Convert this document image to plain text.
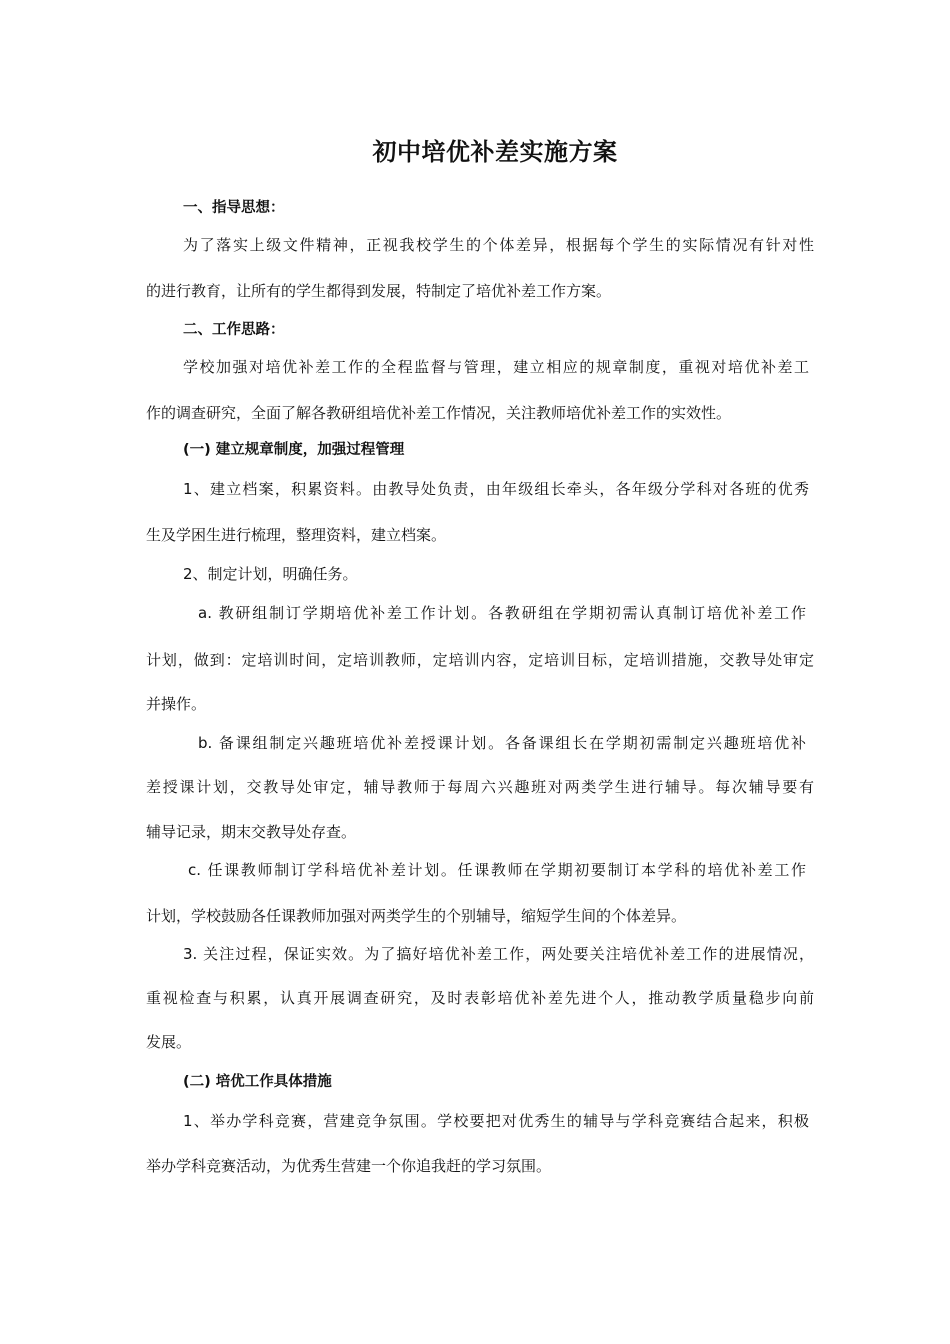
初中培优补差实施方案
一、指导思想：
为了落实上级文件精神，正视我校学生的个体差异，根据每个学生的实际情况有针对性
的进行教育，让所有的学生都得到发展，特制定了培优补差工作方案。
二、工作思路：
学校加强对培优补差工作的全程监督与管理，建立相应的规章制度，重视对培优补差工
作的调查研究，全面了解各教研组培优补差工作情况，关注教师培优补差工作的实效性。
(一) 建立规章制度，加强过程管理
1、建立档案，积累资料。由教导处负责，由年级组长牵头，各年级分学科对各班的优秀
生及学困生进行梳理，整理资料，建立档案。
2、制定计划，明确任务。
a. 教研组制订学期培优补差工作计划。各教研组在学期初需认真制订培优补差工作
计划，做到：定培训时间，定培训教师，定培训内容，定培训目标，定培训措施，交教导处审定
并操作。
b. 备课组制定兴趣班培优补差授课计划。各备课组长在学期初需制定兴趣班培优补
差授课计划，交教导处审定，辅导教师于每周六兴趣班对两类学生进行辅导。每次辅导要有
辅导记录，期末交教导处存查。
c. 任课教师制订学科培优补差计划。任课教师在学期初要制订本学科的培优补差工作
计划，学校鼓励各任课教师加强对两类学生的个别辅导，缩短学生间的个体差异。
3. 关注过程，保证实效。为了搞好培优补差工作，两处要关注培优补差工作的进展情况，
重视检查与积累，认真开展调查研究，及时表彰培优补差先进个人，推动教学质量稳步向前
发展。
(二) 培优工作具体措施
1、举办学科竞赛，营建竞争氛围。学校要把对优秀生的辅导与学科竞赛结合起来，积极
举办学科竞赛活动，为优秀生营建一个你追我赶的学习氛围。
